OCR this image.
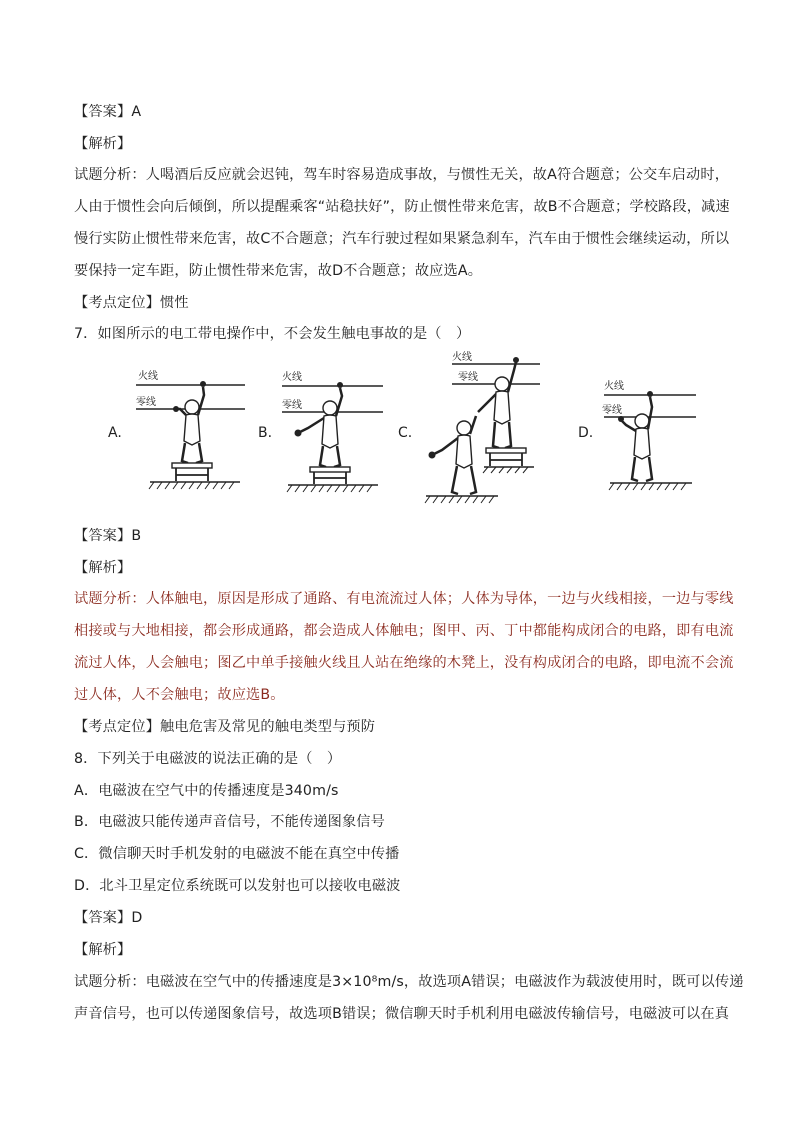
【答案】A
【解析】
试题分析：人喝酒后反应就会迟钝，驾车时容易造成事故，与惯性无关，故A符合题意；公交车启动时，
人由于惯性会向后倾倒，所以提醒乘客“站稳扶好”，防止惯性带来危害，故B不合题意；学校路段，减速
慢行实防止惯性带来危害，故C不合题意；汽车行驶过程如果紧急刹车，汽车由于惯性会继续运动，所以
要保持一定车距，防止惯性带来危害，故D不合题意；故应选A。
【考点定位】惯性
7．如图所示的电工带电操作中，不会发生触电事故的是（　）
A.
火线
零线
B.
火线
零线
C.
火线
零线
D.
火线
零线
【答案】B
【解析】
试题分析：人体触电，原因是形成了通路、有电流流过人体；人体为导体，一边与火线相接，一边与零线
相接或与大地相接，都会形成通路，都会造成人体触电；图甲、丙、丁中都能构成闭合的电路，即有电流
流过人体，人会触电；图乙中单手接触火线且人站在绝缘的木凳上，没有构成闭合的电路，即电流不会流
过人体，人不会触电；故应选B。
【考点定位】触电危害及常见的触电类型与预防
8．下列关于电磁波的说法正确的是（　）
A．电磁波在空气中的传播速度是340m/s
B．电磁波只能传递声音信号，不能传递图象信号
C．微信聊天时手机发射的电磁波不能在真空中传播
D．北斗卫星定位系统既可以发射也可以接收电磁波
【答案】D
【解析】
试题分析：电磁波在空气中的传播速度是3×10⁸m/s，故选项A错误；电磁波作为载波使用时，既可以传递
声音信号，也可以传递图象信号，故选项B错误；微信聊天时手机利用电磁波传输信号，电磁波可以在真
